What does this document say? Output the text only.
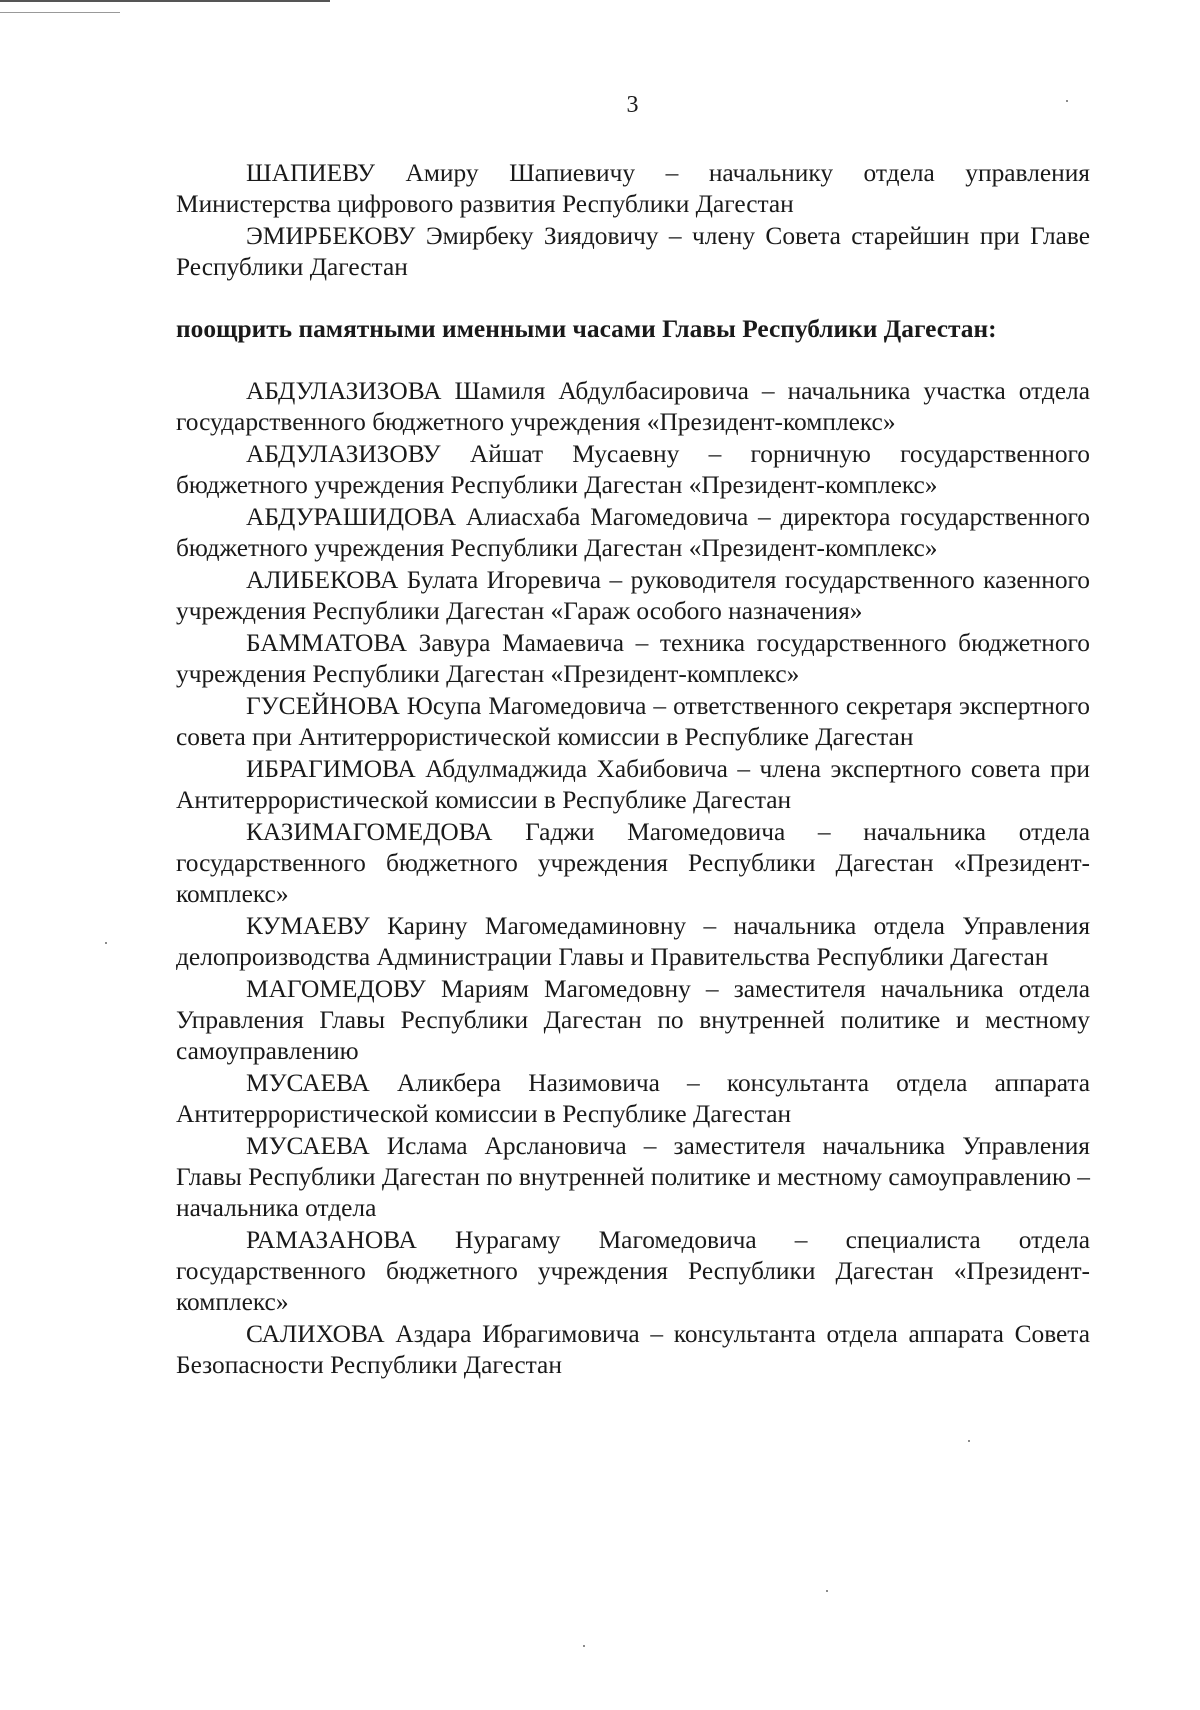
3

ШАПИЕВУ Амиру Шапиевичу – начальнику отдела управления Министерства цифрового развития Республики Дагестан

ЭМИРБЕКОВУ Эмирбеку Зиядовичу – члену Совета старейшин при Главе Республики Дагестан

поощрить памятными именными часами Главы Республики Дагестан:

АБДУЛАЗИЗОВА Шамиля Абдулбасировича – начальника участка отдела государственного бюджетного учреждения «Президент-комплекс»

АБДУЛАЗИЗОВУ Айшат Мусаевну – горничную государственного бюджетного учреждения Республики Дагестан «Президент-комплекс»

АБДУРАШИДОВА Алиасхаба Магомедовича – директора государственного бюджетного учреждения Республики Дагестан «Президент-комплекс»

АЛИБЕКОВА Булата Игоревича – руководителя государственного казенного учреждения Республики Дагестан «Гараж особого назначения»

БАММАТОВА Завура Мамаевича – техника государственного бюджетного учреждения Республики Дагестан «Президент-комплекс»

ГУСЕЙНОВА Юсупа Магомедовича – ответственного секретаря экспертного совета при Антитеррористической комиссии в Республике Дагестан

ИБРАГИМОВА Абдулмаджида Хабибовича – члена экспертного совета при Антитеррористической комиссии в Республике Дагестан

КАЗИМАГОМЕДОВА Гаджи Магомедовича – начальника отдела государственного бюджетного учреждения Республики Дагестан «Президент-комплекс»

КУМАЕВУ Карину Магомедаминовну – начальника отдела Управления делопроизводства Администрации Главы и Правительства Республики Дагестан

МАГОМЕДОВУ Мариям Магомедовну – заместителя начальника отдела Управления Главы Республики Дагестан по внутренней политике и местному самоуправлению

МУСАЕВА Аликбера Назимовича – консультанта отдела аппарата Антитеррористической комиссии в Республике Дагестан

МУСАЕВА Ислама Арслановича – заместителя начальника Управления Главы Республики Дагестан по внутренней политике и местному самоуправлению – начальника отдела

РАМАЗАНОВА Нурагаму Магомедовича – специалиста отдела государственного бюджетного учреждения Республики Дагестан «Президент-комплекс»

САЛИХОВА Аздара Ибрагимовича – консультанта отдела аппарата Совета Безопасности Республики Дагестан
